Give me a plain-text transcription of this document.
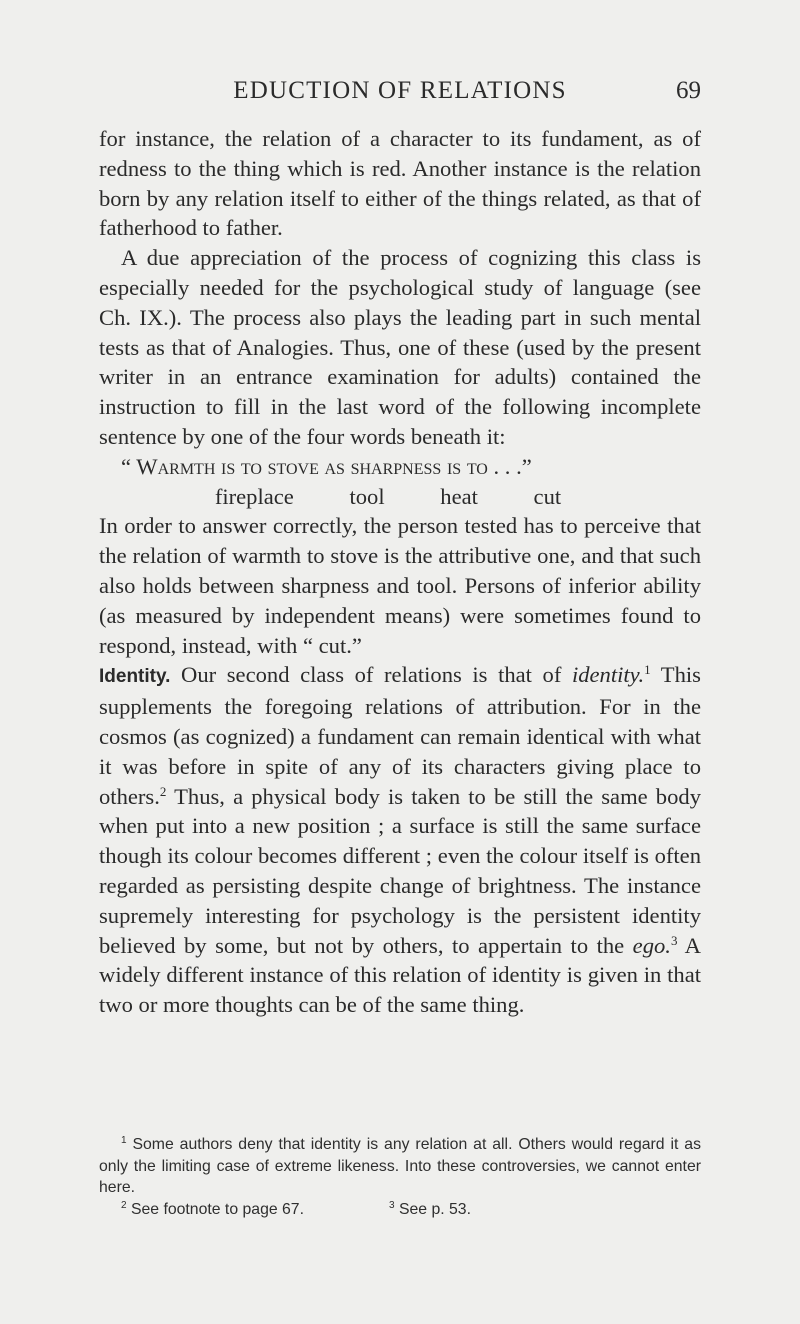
EDUCTION OF RELATIONS	69

for instance, the relation of a character to its fundament, as of redness to the thing which is red. Another instance is the relation born by any relation itself to either of the things related, as that of fatherhood to father.

A due appreciation of the process of cognizing this class is especially needed for the psychological study of language (see Ch. IX.). The process also plays the leading part in such mental tests as that of Analogies. Thus, one of these (used by the present writer in an entrance examination for adults) contained the instruction to fill in the last word of the following incomplete sentence by one of the four words beneath it:

“ Warmth is to stove as sharpness is to . . .”

fireplace tool heat cut

In order to answer correctly, the person tested has to perceive that the relation of warmth to stove is the attributive one, and that such also holds between sharpness and tool. Persons of inferior ability (as measured by independent means) were sometimes found to respond, instead, with “ cut.”

Identity. Our second class of relations is that of identity.$^1$ This supplements the foregoing relations of attribution. For in the cosmos (as cognized) a fundament can remain identical with what it was before in spite of any of its characters giving place to others.$^2$ Thus, a physical body is taken to be still the same body when put into a new position ; a surface is still the same surface though its colour becomes different ; even the colour itself is often regarded as persisting despite change of brightness. The instance supremely interesting for psychology is the persistent identity believed by some, but not by others, to appertain to the ego.$^3$ A widely different instance of this relation of identity is given in that two or more thoughts can be of the same thing.

$^1$ Some authors deny that identity is any relation at all. Others would regard it as only the limiting case of extreme likeness. Into these controversies, we cannot enter here.

$^2$ See footnote to page 67.	$^3$ See p. 53.
